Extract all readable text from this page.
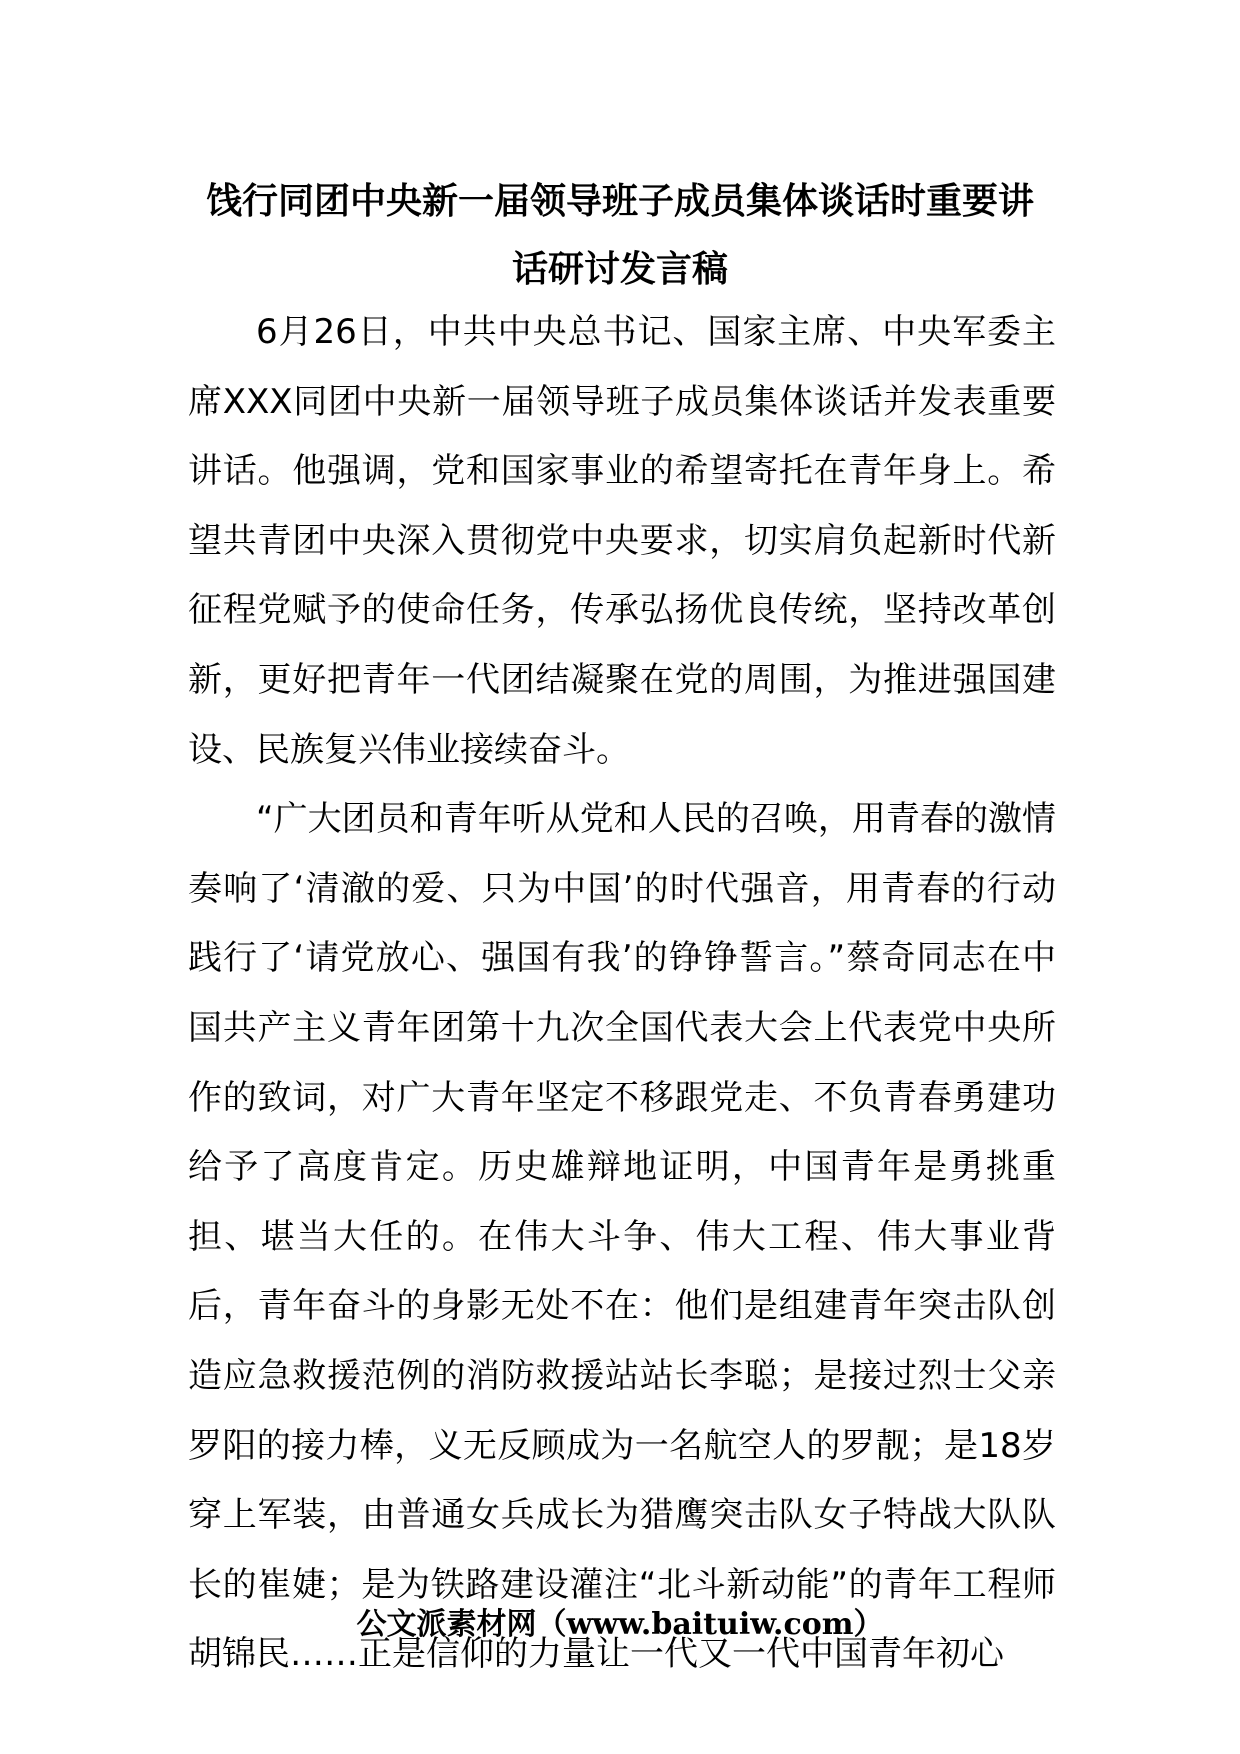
饯行同团中央新一届领导班子成员集体谈话时重要讲话研讨发言稿

6月26日，中共中央总书记、国家主席、中央军委主席XXX同团中央新一届领导班子成员集体谈话并发表重要讲话。他强调，党和国家事业的希望寄托在青年身上。希望共青团中央深入贯彻党中央要求，切实肩负起新时代新征程党赋予的使命任务，传承弘扬优良传统，坚持改革创新，更好把青年一代团结凝聚在党的周围，为推进强国建设、民族复兴伟业接续奋斗。

“广大团员和青年听从党和人民的召唤，用青春的激情奏响了‘清澈的爱、只为中国’的时代强音，用青春的行动践行了‘请党放心、强国有我’的铮铮誓言。”蔡奇同志在中国共产主义青年团第十九次全国代表大会上代表党中央所作的致词，对广大青年坚定不移跟党走、不负青春勇建功给予了高度肯定。历史雄辩地证明，中国青年是勇挑重担、堪当大任的。在伟大斗争、伟大工程、伟大事业背后，青年奋斗的身影无处不在：他们是组建青年突击队创造应急救援范例的消防救援站站长李聪；是接过烈士父亲罗阳的接力棒，义无反顾成为一名航空人的罗靓；是18岁穿上军装，由普通女兵成长为猎鹰突击队女子特战大队队长的崔婕；是为铁路建设灌注“北斗新动能”的青年工程师胡锦民……正是信仰的力量让一代又一代中国青年初心

公文派素材网（www.baituiw.com）
